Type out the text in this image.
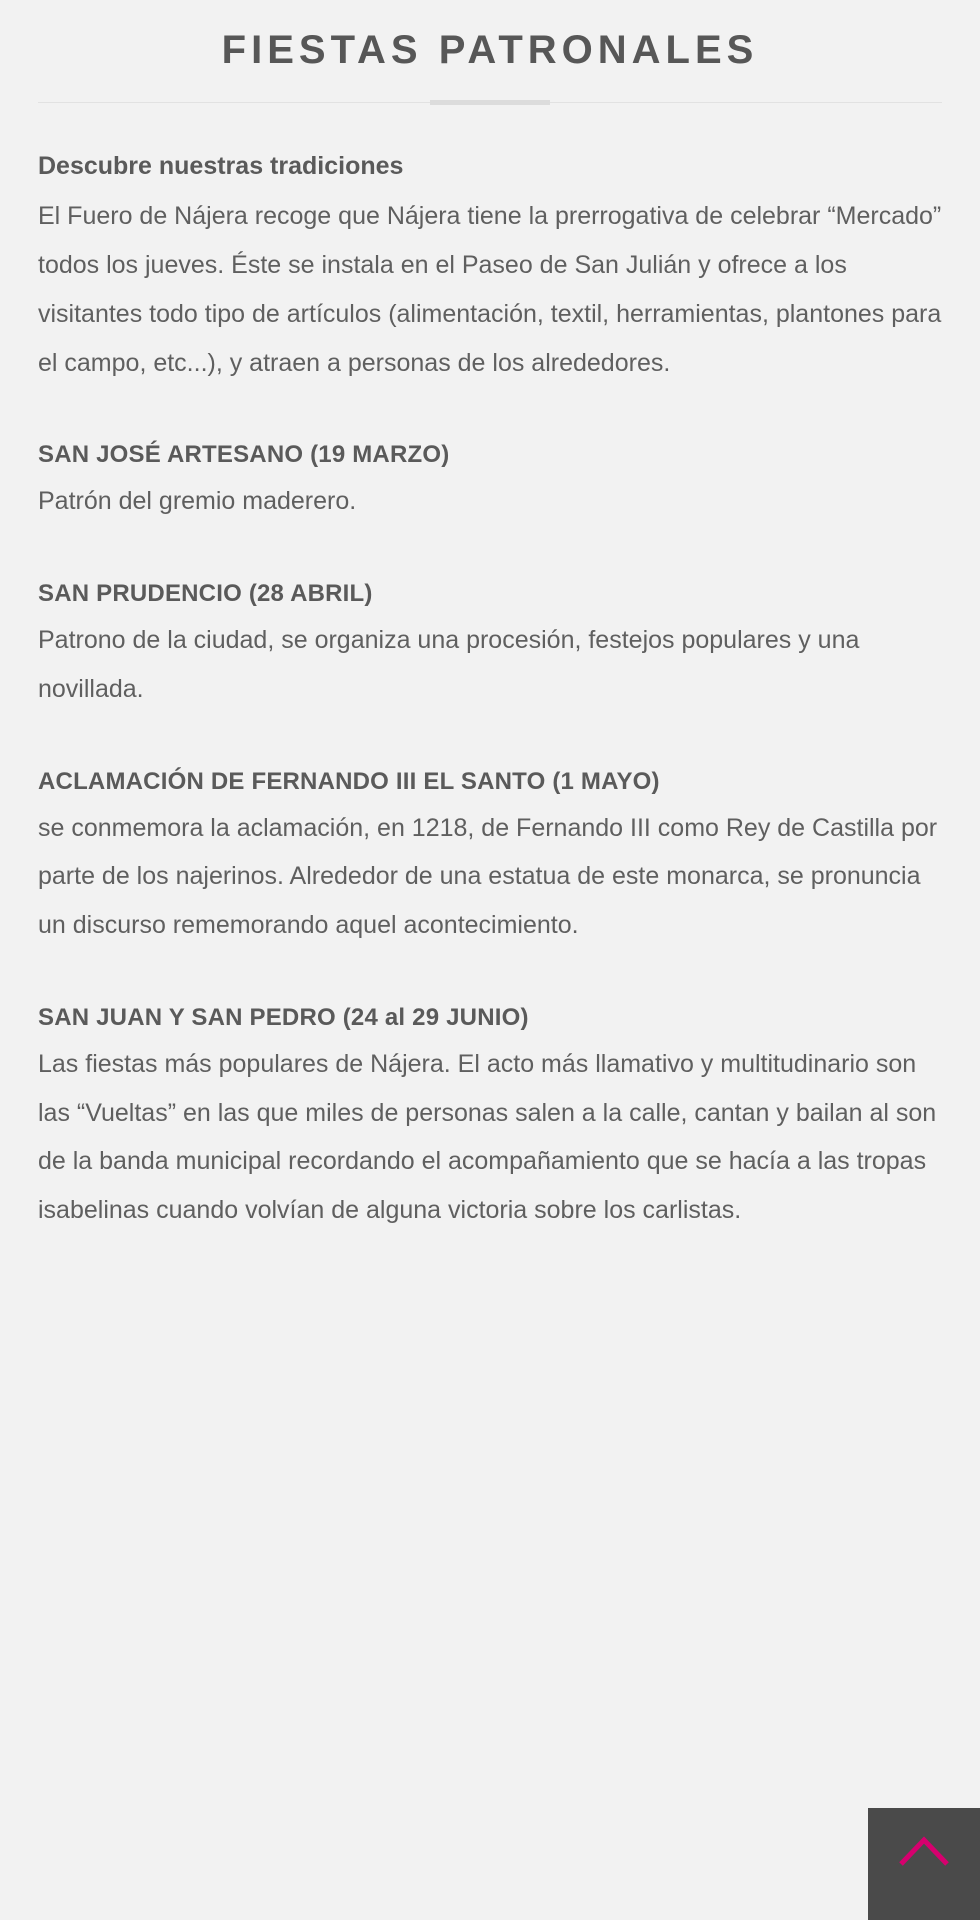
FIESTAS PATRONALES
Descubre nuestras tradiciones

El Fuero de Nájera recoge que Nájera tiene la prerrogativa de celebrar “Mercado” todos los jueves. Éste se instala en el Paseo de San Julián y ofrece a los visitantes todo tipo de artículos (alimentación, textil, herramientas, plantones para el campo, etc...), y atraen a personas de los alrededores.

SAN JOSÉ ARTESANO (19 MARZO)

Patrón del gremio maderero.

SAN PRUDENCIO (28 ABRIL)

Patrono de la ciudad, se organiza una procesión, festejos populares y una novillada.

ACLAMACIÓN DE FERNANDO III EL SANTO (1 MAYO)

se conmemora la aclamación, en 1218, de Fernando III como Rey de Castilla por parte de los najerinos. Alrededor de una estatua de este monarca, se pronuncia un discurso rememorando aquel acontecimiento.

SAN JUAN Y SAN PEDRO (24 al 29 JUNIO)

Las fiestas más populares de Nájera. El acto más llamativo y multitudinario son las “Vueltas” en las que miles de personas salen a la calle, cantan y bailan al son de la banda municipal recordando el acompañamiento que se hacía a las tropas isabelinas cuando volvían de alguna victoria sobre los carlistas.
